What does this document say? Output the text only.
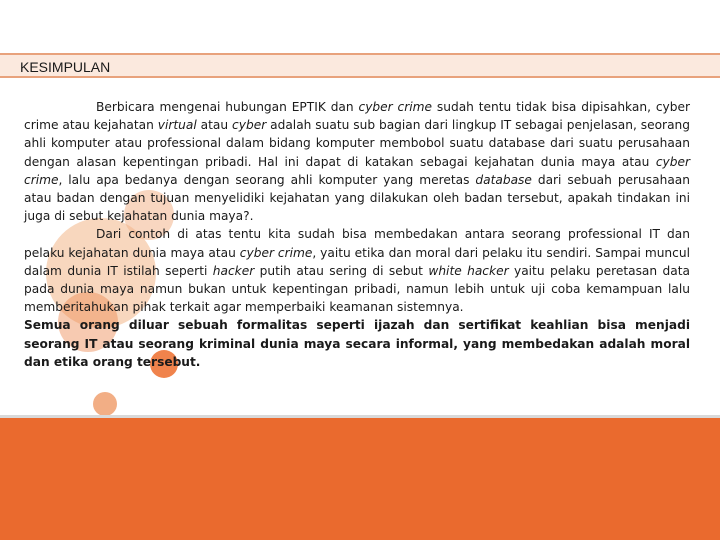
KESIMPULAN

Berbicara mengenai hubungan EPTIK dan cyber crime sudah tentu tidak bisa dipisahkan, cyber crime atau kejahatan virtual atau cyber adalah suatu sub bagian dari lingkup IT sebagai penjelasan, seorang ahli komputer atau professional dalam bidang komputer membobol suatu database dari suatu perusahaan dengan alasan kepentingan pribadi. Hal ini dapat di katakan sebagai kejahatan dunia maya atau cyber crime, lalu apa bedanya dengan seorang ahli komputer yang meretas database dari sebuah perusahaan atau badan dengan tujuan menyelidiki kejahatan yang dilakukan oleh badan tersebut, apakah tindakan ini juga di sebut kejahatan dunia maya?.

Dari contoh di atas tentu kita sudah bisa membedakan antara seorang professional IT dan pelaku kejahatan dunia maya atau cyber crime, yaitu etika dan moral dari pelaku itu sendiri. Sampai muncul dalam dunia IT istilah seperti hacker putih atau sering di sebut white hacker yaitu pelaku peretasan data pada dunia maya namun bukan untuk kepentingan pribadi, namun lebih untuk uji coba kemampuan lalu memberitahukan pihak terkait agar memperbaiki keamanan sistemnya.

Semua orang diluar sebuah formalitas seperti ijazah dan sertifikat keahlian bisa menjadi seorang IT atau seorang kriminal dunia maya secara informal, yang membedakan adalah moral dan etika orang tersebut.
